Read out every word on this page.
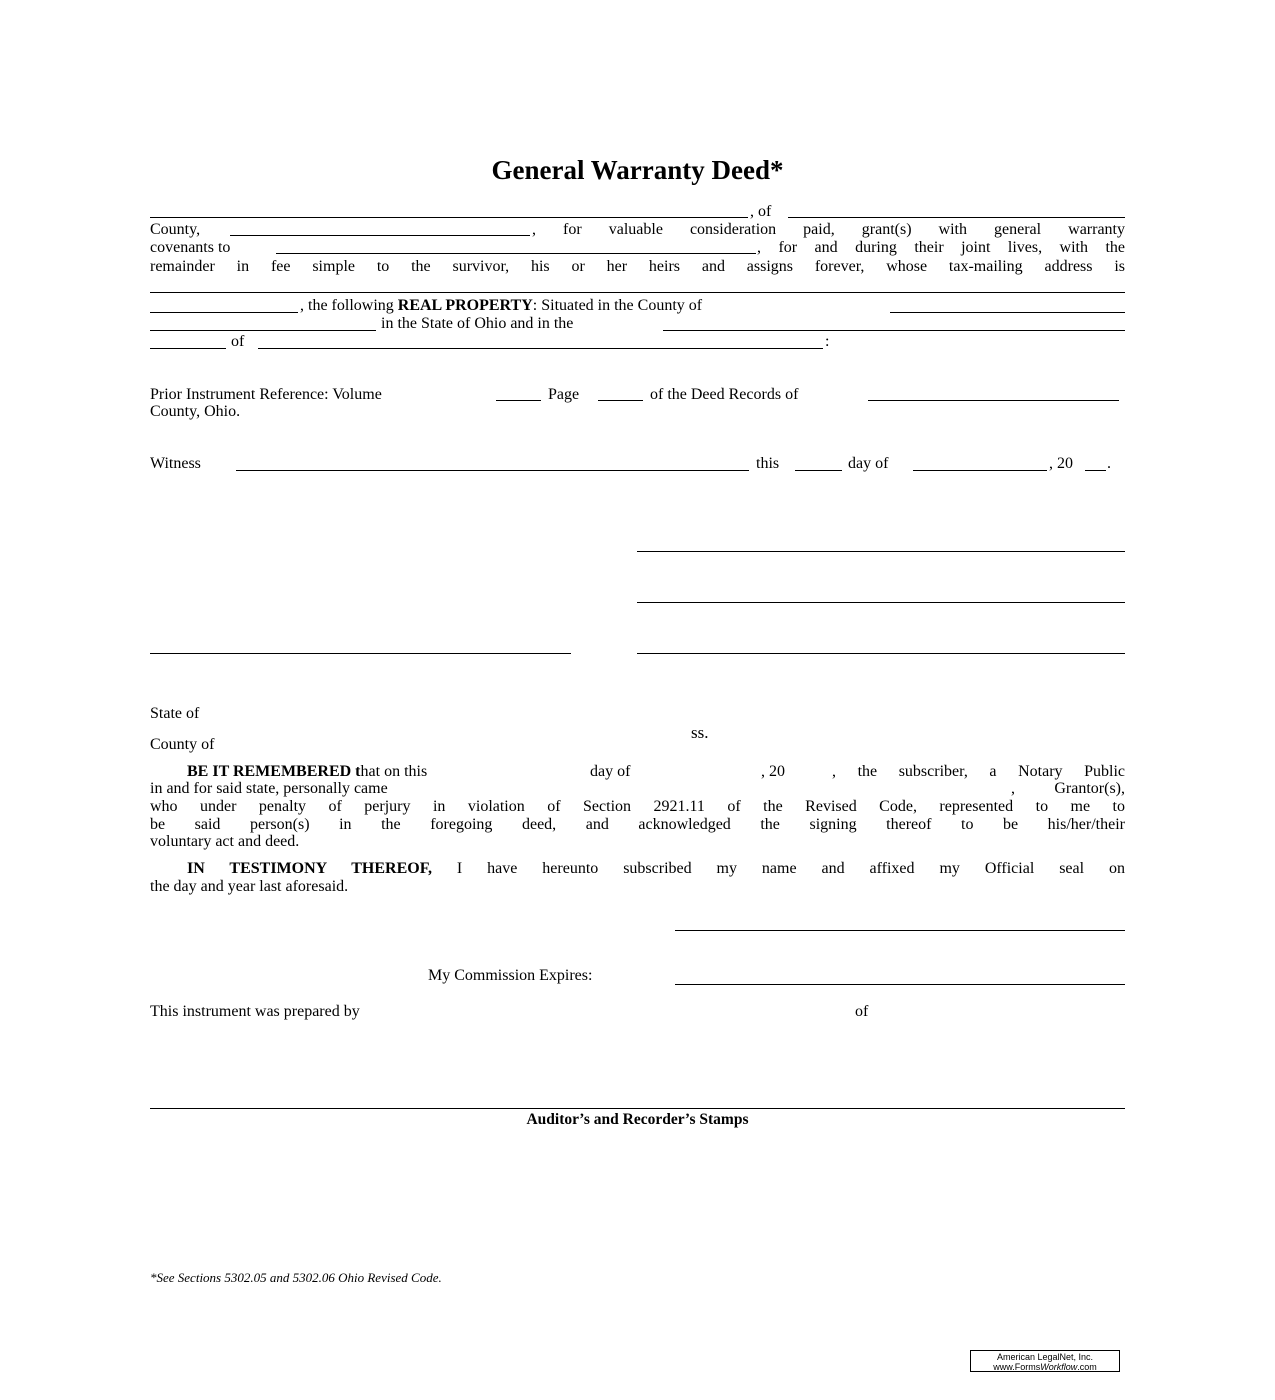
General Warranty Deed*
, of
County,	, for valuable consideration paid, grant(s) with general warranty
covenants to	, for and during their joint lives, with the
remainder in fee simple to the survivor, his or her heirs and assigns forever, whose tax-mailing address is
, the following REAL PROPERTY: Situated in the County of
in the State of Ohio and in the
of	:
Prior Instrument Reference: Volume	Page	of the Deed Records of
County, Ohio.
Witness	this	day of	, 20 .
State of
ss.
County of
BE IT REMEMBERED that on this	day of	, 20	, the subscriber, a Notary Public
in and for said state, personally came	, Grantor(s),
who under penalty of perjury in violation of Section 2921.11 of the Revised Code, represented to me to
be said person(s) in the foregoing deed, and acknowledged the signing thereof to be his/her/their
voluntary act and deed.
IN TESTIMONY THEREOF, I have hereunto subscribed my name and affixed my Official seal on
the day and year last aforesaid.
My Commission Expires:
This instrument was prepared by	of
Auditor’s and Recorder’s Stamps
*See Sections 5302.05 and 5302.06 Ohio Revised Code.
American LegalNet, Inc.
www.FormsWorkflow.com
